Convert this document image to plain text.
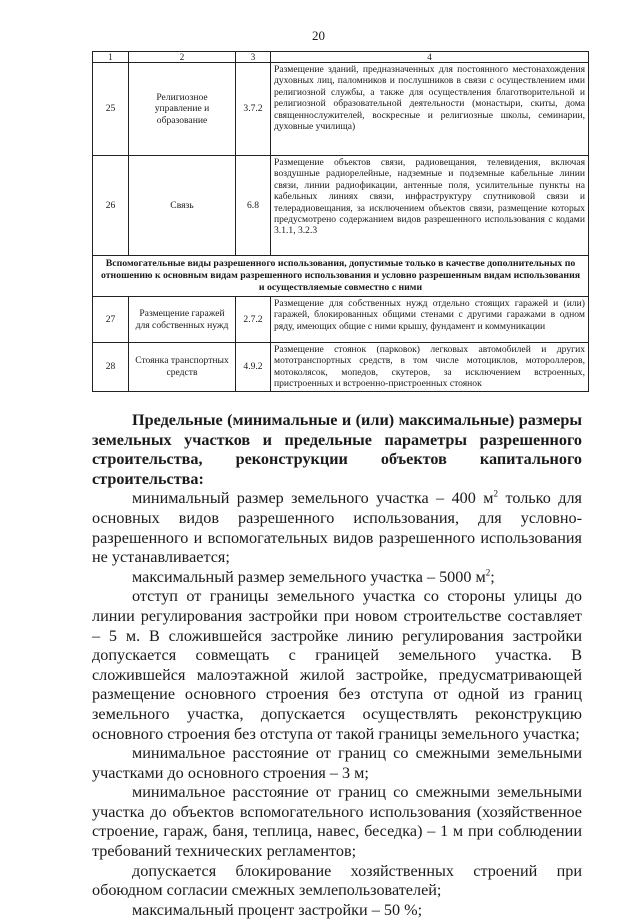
20
1	2	3	4
25	Религиозное управление и образование	3.7.2	Размещение зданий, предназначенных для постоянного местонахождения духовных лиц, паломников и послушников в связи с осуществлением ими религиозной службы, а также для осуществления благотворительной и религиозной образовательной деятельности (монастыри, скиты, дома священнослужителей, воскресные и религиозные школы, семинарии, духовные училища)
26	Связь	6.8	Размещение объектов связи, радиовещания, телевидения, включая воздушные радиорелейные, надземные и подземные кабельные линии связи, линии радиофикации, антенные поля, усилительные пункты на кабельных линиях связи, инфраструктуру спутниковой связи и телерадиовещания, за исключением объектов связи, размещение которых предусмотрено содержанием видов разрешенного использования с кодами 3.1.1, 3.2.3
Вспомогательные виды разрешенного использования, допустимые только в качестве дополнительных по отношению к основным видам разрешенного использования и условно разрешенным видам использования и осуществляемые совместно с ними			
27	Размещение гаражей для собственных нужд	2.7.2	Размещение для собственных нужд отдельно стоящих гаражей и (или) гаражей, блокированных общими стенами с другими гаражами в одном ряду, имеющих общие с ними крышу, фундамент и коммуникации
28	Стоянка транспортных средств	4.9.2	Размещение стоянок (парковок) легковых автомобилей и других мототранспортных средств, в том числе мотоциклов, мотороллеров, мотоколясок, мопедов, скутеров, за исключением встроенных, пристроенных и встроенно-пристроенных стоянок

Предельные (минимальные и (или) максимальные) размеры земельных участков и предельные параметры разрешенного строительства, реконструкции объектов капитального строительства:

минимальный размер земельного участка – 400 $м^2$ только для основных видов разрешенного использования, для условно-разрешенного и вспомогательных видов разрешенного использования не устанавливается;

максимальный размер земельного участка – 5000 $м^2$;

отступ от границы земельного участка со стороны улицы до линии регулирования застройки при новом строительстве составляет – 5 м. В сложившейся застройке линию регулирования застройки допускается совмещать с границей земельного участка. В сложившейся малоэтажной жилой застройке, предусматривающей размещение основного строения без отступа от одной из границ земельного участка, допускается осуществлять реконструкцию основного строения без отступа от такой границы земельного участка;

минимальное расстояние от границ со смежными земельными участками до основного строения – 3 м;

минимальное расстояние от границ со смежными земельными участка до объектов вспомогательного использования (хозяйственное строение, гараж, баня, теплица, навес, беседка) – 1 м при соблюдении требований технических регламентов;

допускается блокирование хозяйственных строений при обоюдном согласии смежных землепользователей;

максимальный процент застройки – 50 %;
